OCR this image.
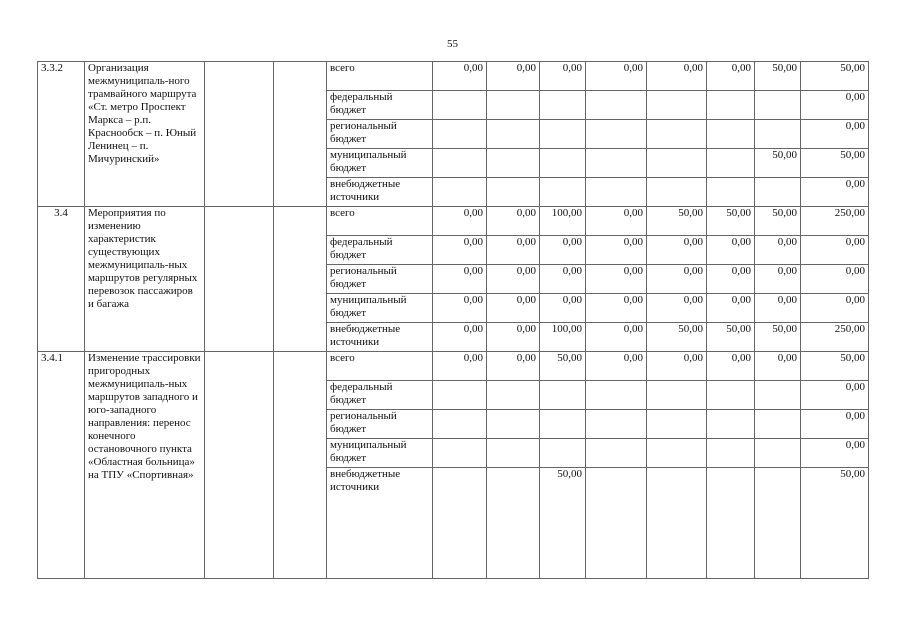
55
3.3.2	Организация межмуниципаль-ного трамвайного маршрута «Ст. метро Проспект Маркса – р.п. Краснообск – п. Юный Ленинец – п. Мичуринский»			всего	0,00	0,00	0,00	0,00	0,00	0,00	50,00	50,00
				федеральный бюджет								0,00
				региональный бюджет								0,00
				муниципальный бюджет							50,00	50,00
				внебюджетные источники								0,00
3.4	Мероприятия по изменению характеристик существующих межмуниципаль-ных маршрутов регулярных перевозок пассажиров и багажа			всего	0,00	0,00	100,00	0,00	50,00	50,00	50,00	250,00
				федеральный бюджет	0,00	0,00	0,00	0,00	0,00	0,00	0,00	0,00
				региональный бюджет	0,00	0,00	0,00	0,00	0,00	0,00	0,00	0,00
				муниципальный бюджет	0,00	0,00	0,00	0,00	0,00	0,00	0,00	0,00
				внебюджетные источники	0,00	0,00	100,00	0,00	50,00	50,00	50,00	250,00
3.4.1	Изменение трассировки пригородных межмуниципаль-ных маршрутов западного и юго-западного направления: перенос конечного остановочного пункта «Областная больница» на ТПУ «Спортивная»			всего	0,00	0,00	50,00	0,00	0,00	0,00	0,00	50,00
				федеральный бюджет								0,00
				региональный бюджет								0,00
				муниципальный бюджет								0,00
				внебюджетные источники			50,00					50,00
